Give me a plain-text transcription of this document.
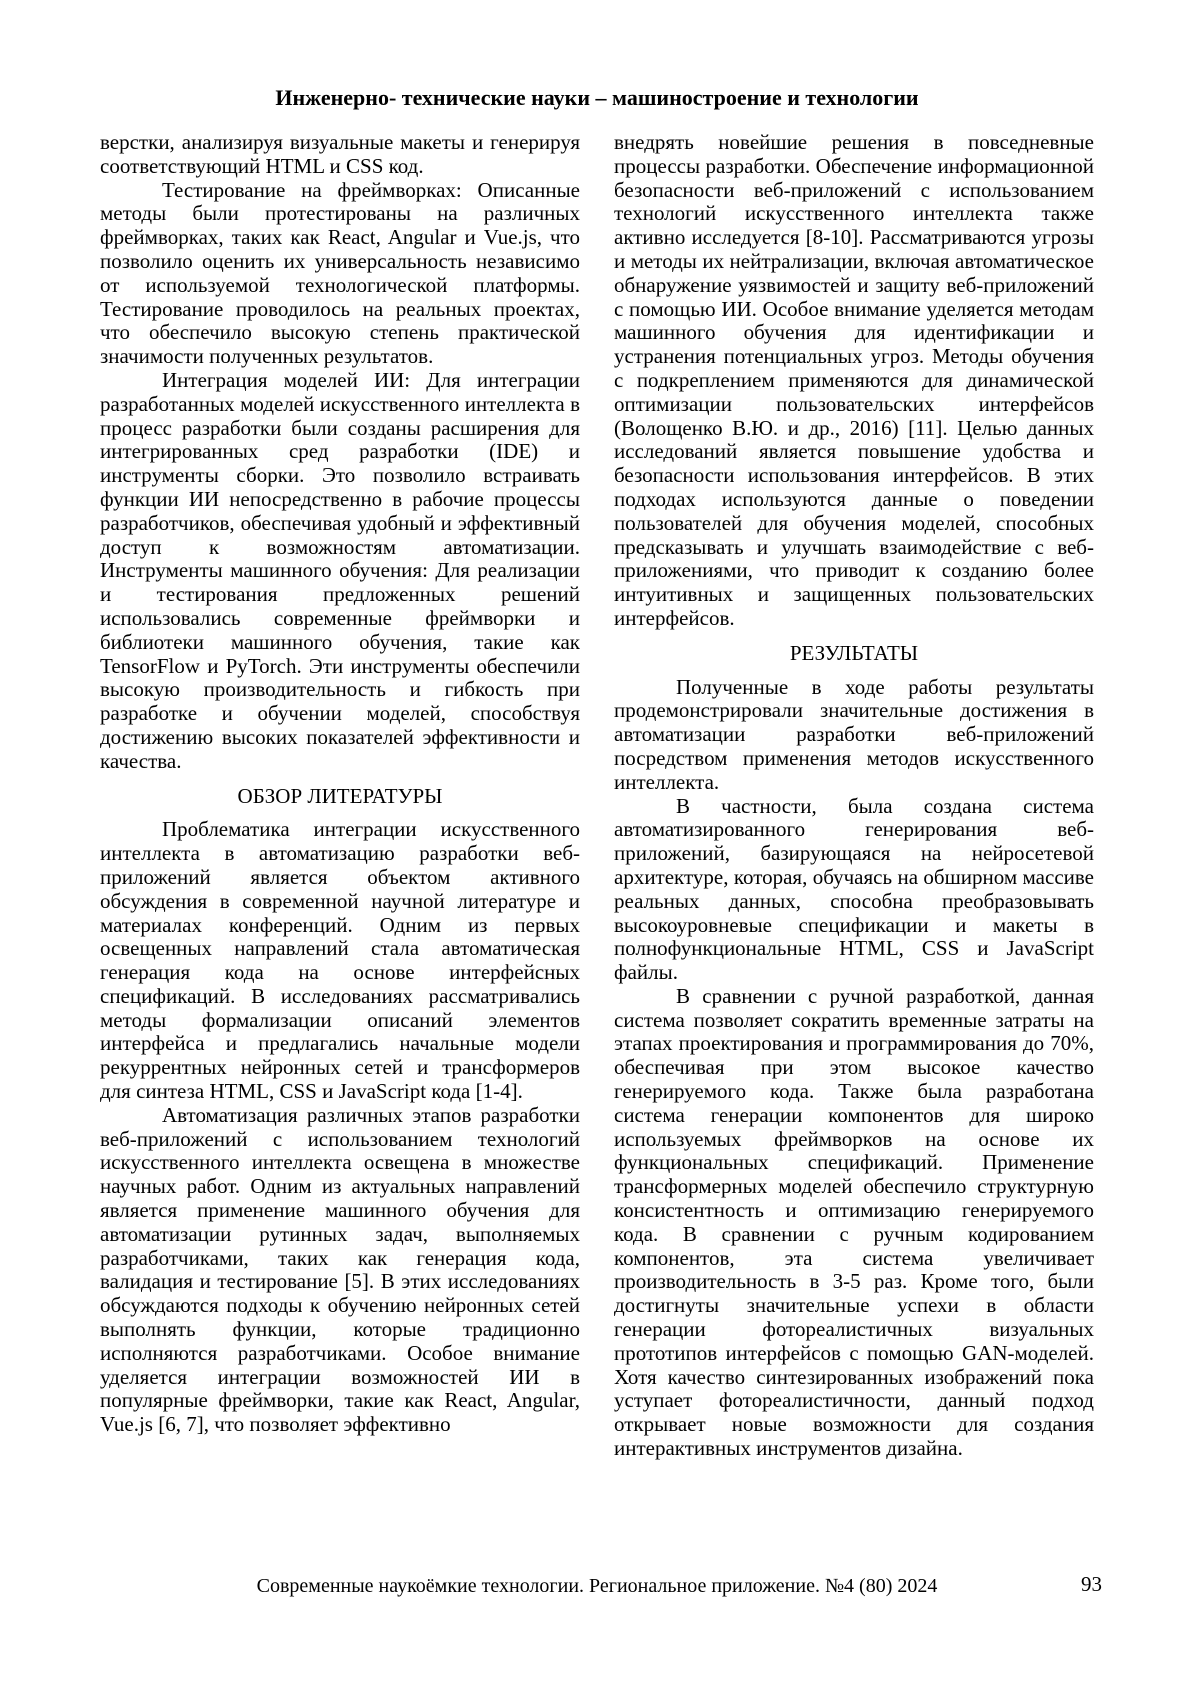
Инженерно- технические науки – машиностроение и технологии

верстки, анализируя визуальные макеты и генерируя соответствующий HTML и CSS код.

Тестирование на фреймворках: Описанные методы были протестированы на различных фреймворках, таких как React, Angular и Vue.js, что позволило оценить их универсальность независимо от используемой технологической платформы. Тестирование проводилось на реальных проектах, что обеспечило высокую степень практической значимости полученных результатов.

Интеграция моделей ИИ: Для интеграции разработанных моделей искусственного интеллекта в процесс разработки были созданы расширения для интегрированных сред разработки (IDE) и инструменты сборки. Это позволило встраивать функции ИИ непосредственно в рабочие процессы разработчиков, обеспечивая удобный и эффективный доступ к возможностям автоматизации. Инструменты машинного обучения: Для реализации и тестирования предложенных решений использовались современные фреймворки и библиотеки машинного обучения, такие как TensorFlow и PyTorch. Эти инструменты обеспечили высокую производительность и гибкость при разработке и обучении моделей, способствуя достижению высоких показателей эффективности и качества.

ОБЗОР ЛИТЕРАТУРЫ

Проблематика интеграции искусственного интеллекта в автоматизацию разработки веб-приложений является объектом активного обсуждения в современной научной литературе и материалах конференций. Одним из первых освещенных направлений стала автоматическая генерация кода на основе интерфейсных спецификаций. В исследованиях рассматривались методы формализации описаний элементов интерфейса и предлагались начальные модели рекуррентных нейронных сетей и трансформеров для синтеза HTML, CSS и JavaScript кода [1-4].

Автоматизация различных этапов разработки веб-приложений с использованием технологий искусственного интеллекта освещена в множестве научных работ. Одним из актуальных направлений является применение машинного обучения для автоматизации рутинных задач, выполняемых разработчиками, таких как генерация кода, валидация и тестирование [5]. В этих исследованиях обсуждаются подходы к обучению нейронных сетей выполнять функции, которые традиционно исполняются разработчиками. Особое внимание уделяется интеграции возможностей ИИ в популярные фреймворки, такие как React, Angular, Vue.js [6, 7], что позволяет эффективно

внедрять новейшие решения в повседневные процессы разработки. Обеспечение информационной безопасности веб-приложений с использованием технологий искусственного интеллекта также активно исследуется [8-10]. Рассматриваются угрозы и методы их нейтрализации, включая автоматическое обнаружение уязвимостей и защиту веб-приложений с помощью ИИ. Особое внимание уделяется методам машинного обучения для идентификации и устранения потенциальных угроз. Методы обучения с подкреплением применяются для динамической оптимизации пользовательских интерфейсов (Волощенко В.Ю. и др., 2016) [11]. Целью данных исследований является повышение удобства и безопасности использования интерфейсов. В этих подходах используются данные о поведении пользователей для обучения моделей, способных предсказывать и улучшать взаимодействие с веб-приложениями, что приводит к созданию более интуитивных и защищенных пользовательских интерфейсов.

РЕЗУЛЬТАТЫ

Полученные в ходе работы результаты продемонстрировали значительные достижения в автоматизации разработки веб-приложений посредством применения методов искусственного интеллекта.

В частности, была создана система автоматизированного генерирования веб-приложений, базирующаяся на нейросетевой архитектуре, которая, обучаясь на обширном массиве реальных данных, способна преобразовывать высокоуровневые спецификации и макеты в полнофункциональные HTML, CSS и JavaScript файлы.

В сравнении с ручной разработкой, данная система позволяет сократить временные затраты на этапах проектирования и программирования до 70%, обеспечивая при этом высокое качество генерируемого кода. Также была разработана система генерации компонентов для широко используемых фреймворков на основе их функциональных спецификаций. Применение трансформерных моделей обеспечило структурную консистентность и оптимизацию генерируемого кода. В сравнении с ручным кодированием компонентов, эта система увеличивает производительность в 3-5 раз. Кроме того, были достигнуты значительные успехи в области генерации фотореалистичных визуальных прототипов интерфейсов с помощью GAN-моделей. Хотя качество синтезированных изображений пока уступает фотореалистичности, данный подход открывает новые возможности для создания интерактивных инструментов дизайна.

Современные наукоёмкие технологии. Региональное приложение. №4 (80) 2024	93
